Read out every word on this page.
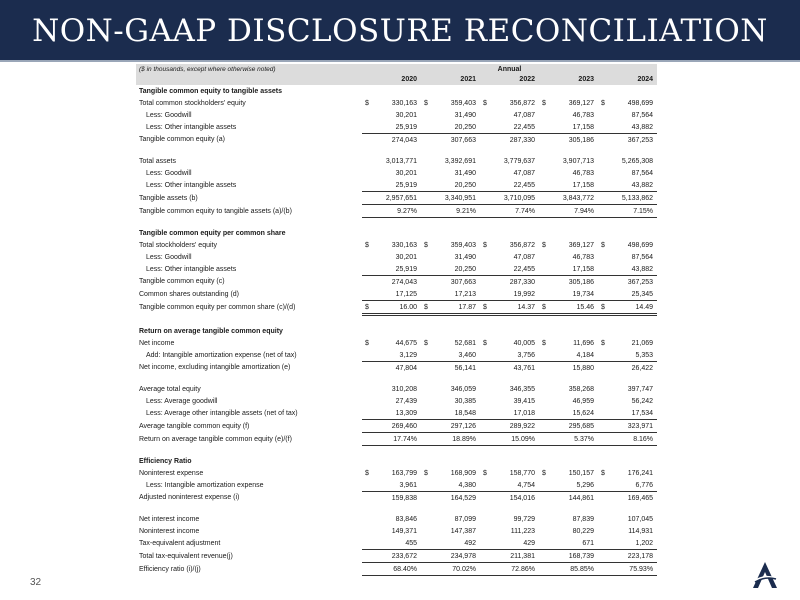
NON-GAAP DISCLOSURE RECONCILIATION
($ in thousands, except where otherwise noted)	Annual				
	2020	2021	2022	2023	2024
Tangible common equity to tangible assets					
Total common stockholders' equity	$ 330,163	$ 359,403	$ 356,872	$ 369,127	$ 498,699

Less: Goodwill	30,201	31,490	47,087	46,783	87,564
Less: Other intangible assets	25,919	20,250	22,455	17,158	43,882
Tangible common equity (a)	274,043	307,663	287,330	305,186	367,253

Total assets	3,013,771	3,392,691	3,779,637	3,907,713	5,265,308
Less: Goodwill	30,201	31,490	47,087	46,783	87,564
Less: Other intangible assets	25,919	20,250	22,455	17,158	43,882
Tangible assets (b)	2,957,651	3,340,951	3,710,095	3,843,772	5,133,862
Tangible common equity to tangible assets (a)/(b)	9.27%	9.21%	7.74%	7.94%	7.15%

Tangible common equity per common share					
Total stockholders' equity	$ 330,163	$ 359,403	$ 356,872	$ 369,127	$ 498,699

Less: Goodwill	30,201	31,490	47,087	46,783	87,564
Less: Other intangible assets	25,919	20,250	22,455	17,158	43,882
Tangible common equity (c)	274,043	307,663	287,330	305,186	367,253
Common shares outstanding (d)	17,125	17,213	19,992	19,734	25,345
Tangible common equity per common share (c)/(d)	$ 16.00	$ 17.87	$ 14.37	$ 15.46	$ 14.49

Return on average tangible common equity					
Net income	$ 44,675	$ 52,681	$ 40,005	$ 11,696	$ 21,069

Add: Intangible amortization expense (net of tax)	3,129	3,460	3,756	4,184	5,353
Net income, excluding intangible amortization (e)	47,804	56,141	43,761	15,880	26,422

Average total equity	310,208	346,059	346,355	358,268	397,747
Less: Average goodwill	27,439	30,385	39,415	46,959	56,242
Less: Average other intangible assets (net of tax)	13,309	18,548	17,018	15,624	17,534
Average tangible common equity (f)	269,460	297,126	289,922	295,685	323,971
Return on average tangible common equity (e)/(f)	17.74%	18.89%	15.09%	5.37%	8.16%

Efficiency Ratio					
Noninterest expense	$ 163,799	$ 168,909	$ 158,770	$ 150,157	$ 176,241

Less: Intangible amortization expense	3,961	4,380	4,754	5,296	6,776
Adjusted noninterest expense (i)	159,838	164,529	154,016	144,861	169,465

Net interest income	83,846	87,099	99,729	87,839	107,045
Noninterest income	149,371	147,387	111,223	80,229	114,931
Tax-equivalent adjustment	455	492	429	671	1,202
Total tax-equivalent revenue(j)	233,672	234,978	211,381	168,739	223,178
Efficiency ratio (i)/(j)	68.40%	70.02%	72.86%	85.85%	75.93%
32
